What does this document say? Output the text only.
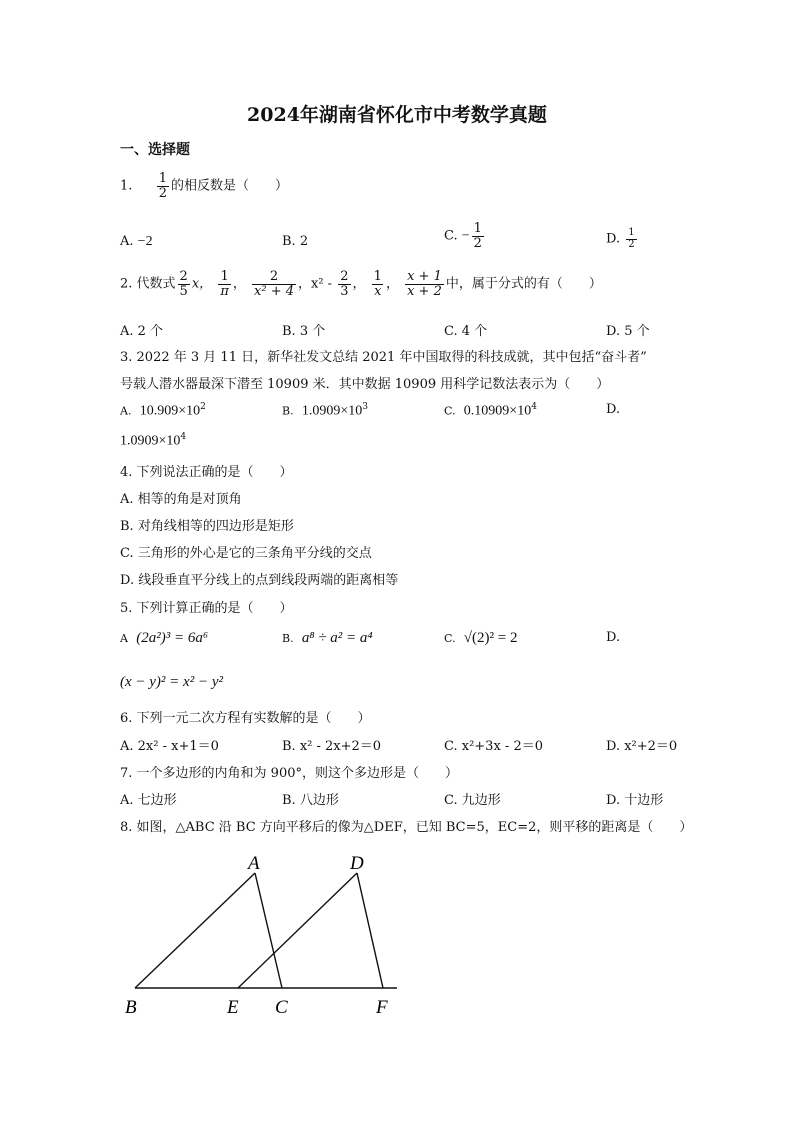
2024年湖南省怀化市中考数学真题
一、选择题
1. $\frac{1}{2}$ 的相反数是（　　）
A. −2	B. 2	C. − $\frac{1}{2}$	D. $\frac{1}{2}$
2. 代数式 $\frac{2}{5}$ x， $\frac{1}{\pi}$ ， $\frac{2}{\text{x² + 4}}$ ，$x^2 - \frac{2}{3}$ ， $\frac{1}{x}$ ， $\frac{x + 1}{x + 2}$ 中，属于分式的有（　　）
A. 2 个	B. 3 个	C. 4 个	D. 5 个
3. 2022 年 3 月 11 日，新华社发文总结 2021 年中国取得的科技成就，其中包括“奋斗者”
号载人潜水器最深下潜至 10909 米．其中数据 10909 用科学记数法表示为（　　）
A. $10.909\times 10^2$	B. $1.0909\times 10^3$	C. $0.10909\times 10^4$	D.
$1.0909\times 10^4$
4. 下列说法正确的是（　　）
A. 相等的角是对顶角
B. 对角线相等的四边形是矩形
C. 三角形的外心是它的三条角平分线的交点
D. 线段垂直平分线上的点到线段两端的距离相等
5. 下列计算正确的是（　　）
A (2a²)³ = 6a⁶	B. a⁸ ÷ a² = a⁴	C. √(2)² = 2	D.
(x − y)² = x² − y²
6. 下列一元二次方程有实数解的是（　　）
A. 2x² - x+1＝0	B. x² - 2x+2＝0	C. x²+3x - 2＝0	D. x²+2＝0
7. 一个多边形的内角和为 900°，则这个多边形是（　　）
A. 七边形	B. 八边形	C. 九边形	D. 十边形
8. 如图，△ABC 沿 BC 方向平移后的像为△DEF，已知 BC=5，EC=2，则平移的距离是（　　）
A	D
B	E C	F
